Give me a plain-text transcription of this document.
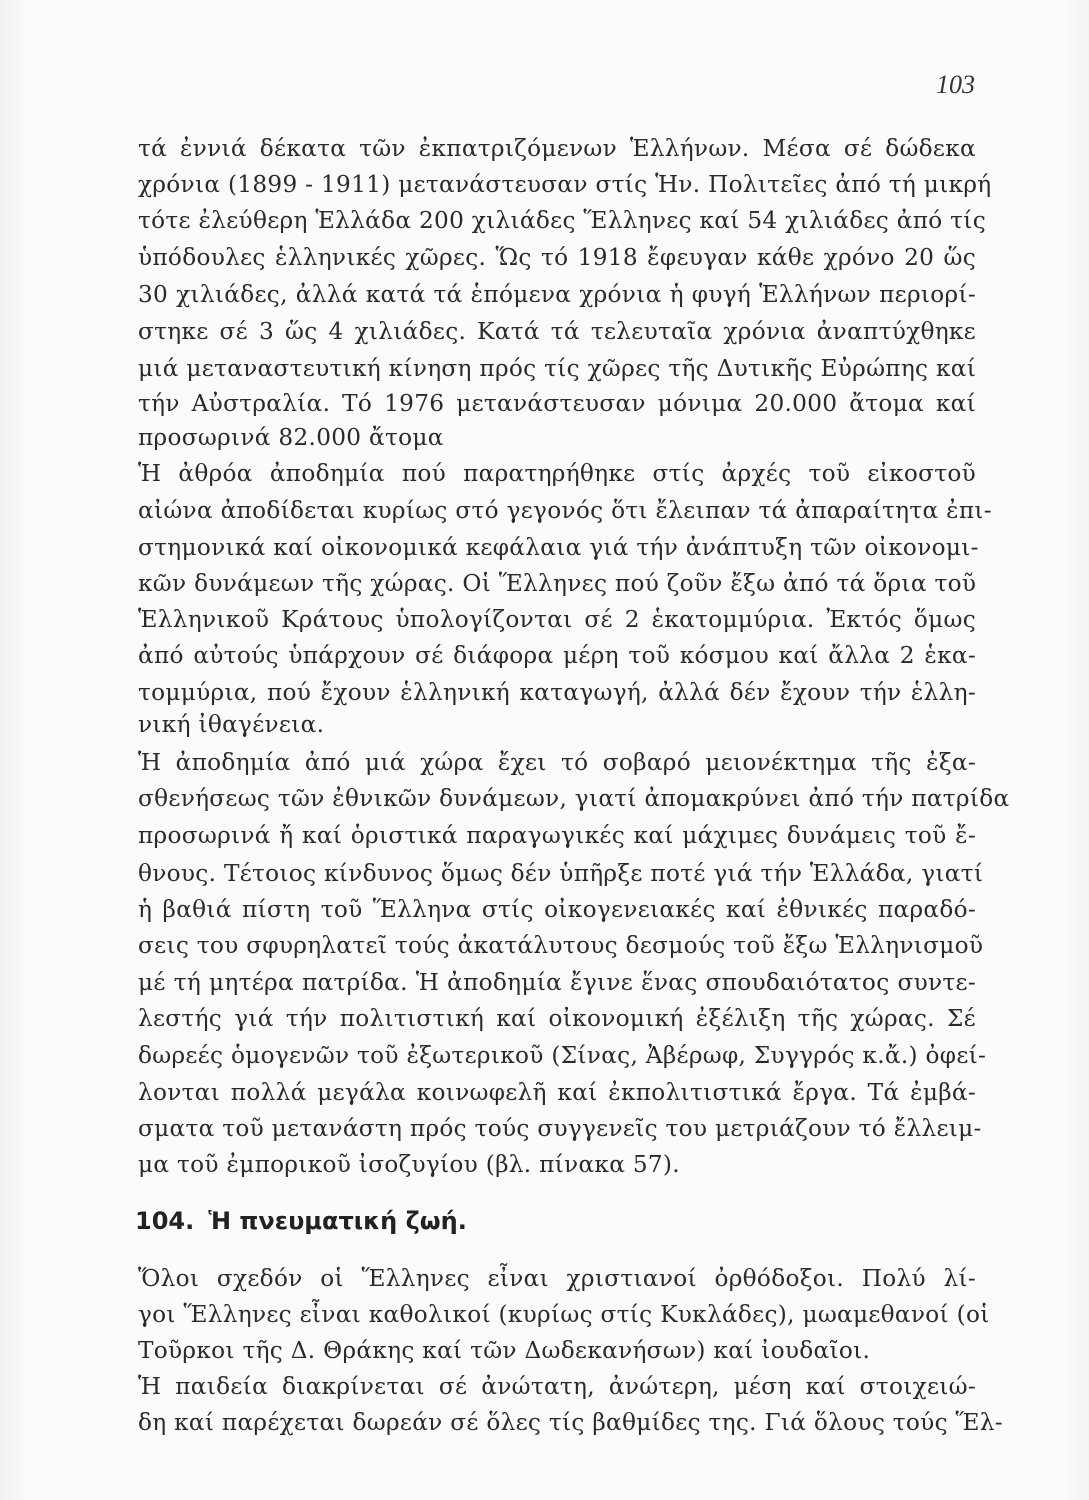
103
τά ἐννιά δέκατα τῶν ἐκπατριζόμενων Ἑλλήνων. Μέσα σέ δώδεκα
χρόνια (1899 - 1911) μετανάστευσαν στίς Ἡν. Πολιτεῖες ἀπό τή μικρή
τότε ἐλεύθερη Ἑλλάδα 200 χιλιάδες Ἕλληνες καί 54 χιλιάδες ἀπό τίς
ὑπόδουλες ἑλληνικές χῶρες. Ὥς τό 1918 ἔφευγαν κάθε χρόνο 20 ὥς
30 χιλιάδες, ἀλλά κατά τά ἑπόμενα χρόνια ἡ φυγή Ἑλλήνων περιορί-
στηκε σέ 3 ὥς 4 χιλιάδες. Κατά τά τελευταῖα χρόνια ἀναπτύχθηκε
μιά μεταναστευτική κίνηση πρός τίς χῶρες τῆς Δυτικῆς Εὐρώπης καί
τήν Αὐστραλία. Τό 1976 μετανάστευσαν μόνιμα 20.000 ἄτομα καί
προσωρινά 82.000 ἄτομα
Ἡ ἀθρόα ἀποδημία πού παρατηρήθηκε στίς ἀρχές τοῦ εἰκοστοῦ
αἰώνα ἀποδίδεται κυρίως στό γεγονός ὅτι ἔλειπαν τά ἀπαραίτητα ἐπι-
στημονικά καί οἰκονομικά κεφάλαια γιά τήν ἀνάπτυξη τῶν οἰκονομι-
κῶν δυνάμεων τῆς χώρας. Οἱ Ἕλληνες πού ζοῦν ἔξω ἀπό τά ὅρια τοῦ
Ἑλληνικοῦ Κράτους ὑπολογίζονται σέ 2 ἑκατομμύρια. Ἐκτός ὅμως
ἀπό αὐτούς ὑπάρχουν σέ διάφορα μέρη τοῦ κόσμου καί ἄλλα 2 ἑκα-
τομμύρια, πού ἔχουν ἑλληνική καταγωγή, ἀλλά δέν ἔχουν τήν ἑλλη-
νική ἰθαγένεια.
Ἡ ἀποδημία ἀπό μιά χώρα ἔχει τό σοβαρό μειονέκτημα τῆς ἐξα-
σθενήσεως τῶν ἐθνικῶν δυνάμεων, γιατί ἀπομακρύνει ἀπό τήν πατρίδα
προσωρινά ἤ καί ὁριστικά παραγωγικές καί μάχιμες δυνάμεις τοῦ ἔ-
θνους. Τέτοιος κίνδυνος ὅμως δέν ὑπῆρξε ποτέ γιά τήν Ἑλλάδα, γιατί
ἡ βαθιά πίστη τοῦ Ἕλληνα στίς οἰκογενειακές καί ἐθνικές παραδό-
σεις του σφυρηλατεῖ τούς ἀκατάλυτους δεσμούς τοῦ ἔξω Ἑλληνισμοῦ
μέ τή μητέρα πατρίδα. Ἡ ἀποδημία ἔγινε ἕνας σπουδαιότατος συντε-
λεστής γιά τήν πολιτιστική καί οἰκονομική ἐξέλιξη τῆς χώρας. Σέ
δωρεές ὁμογενῶν τοῦ ἐξωτερικοῦ (Σίνας, Ἀβέρωφ, Συγγρός κ.ἄ.) ὀφεί-
λονται πολλά μεγάλα κοινωφελῆ καί ἐκπολιτιστικά ἔργα. Τά ἐμβά-
σματα τοῦ μετανάστη πρός τούς συγγενεῖς του μετριάζουν τό ἔλλειμ-
μα τοῦ ἐμπορικοῦ ἰσοζυγίου (βλ. πίνακα 57).
104. Ἡ πνευματική ζωή.
Ὅλοι σχεδόν οἱ Ἕλληνες εἶναι χριστιανοί ὀρθόδοξοι. Πολύ λί-
γοι Ἕλληνες εἶναι καθολικοί (κυρίως στίς Κυκλάδες), μωαμεθανοί (οἱ
Τοῦρκοι τῆς Δ. Θράκης καί τῶν Δωδεκανήσων) καί ἰουδαῖοι.
Ἡ παιδεία διακρίνεται σέ ἀνώτατη, ἀνώτερη, μέση καί στοιχειώ-
δη καί παρέχεται δωρεάν σέ ὅλες τίς βαθμίδες της. Γιά ὅλους τούς Ἕλ-
